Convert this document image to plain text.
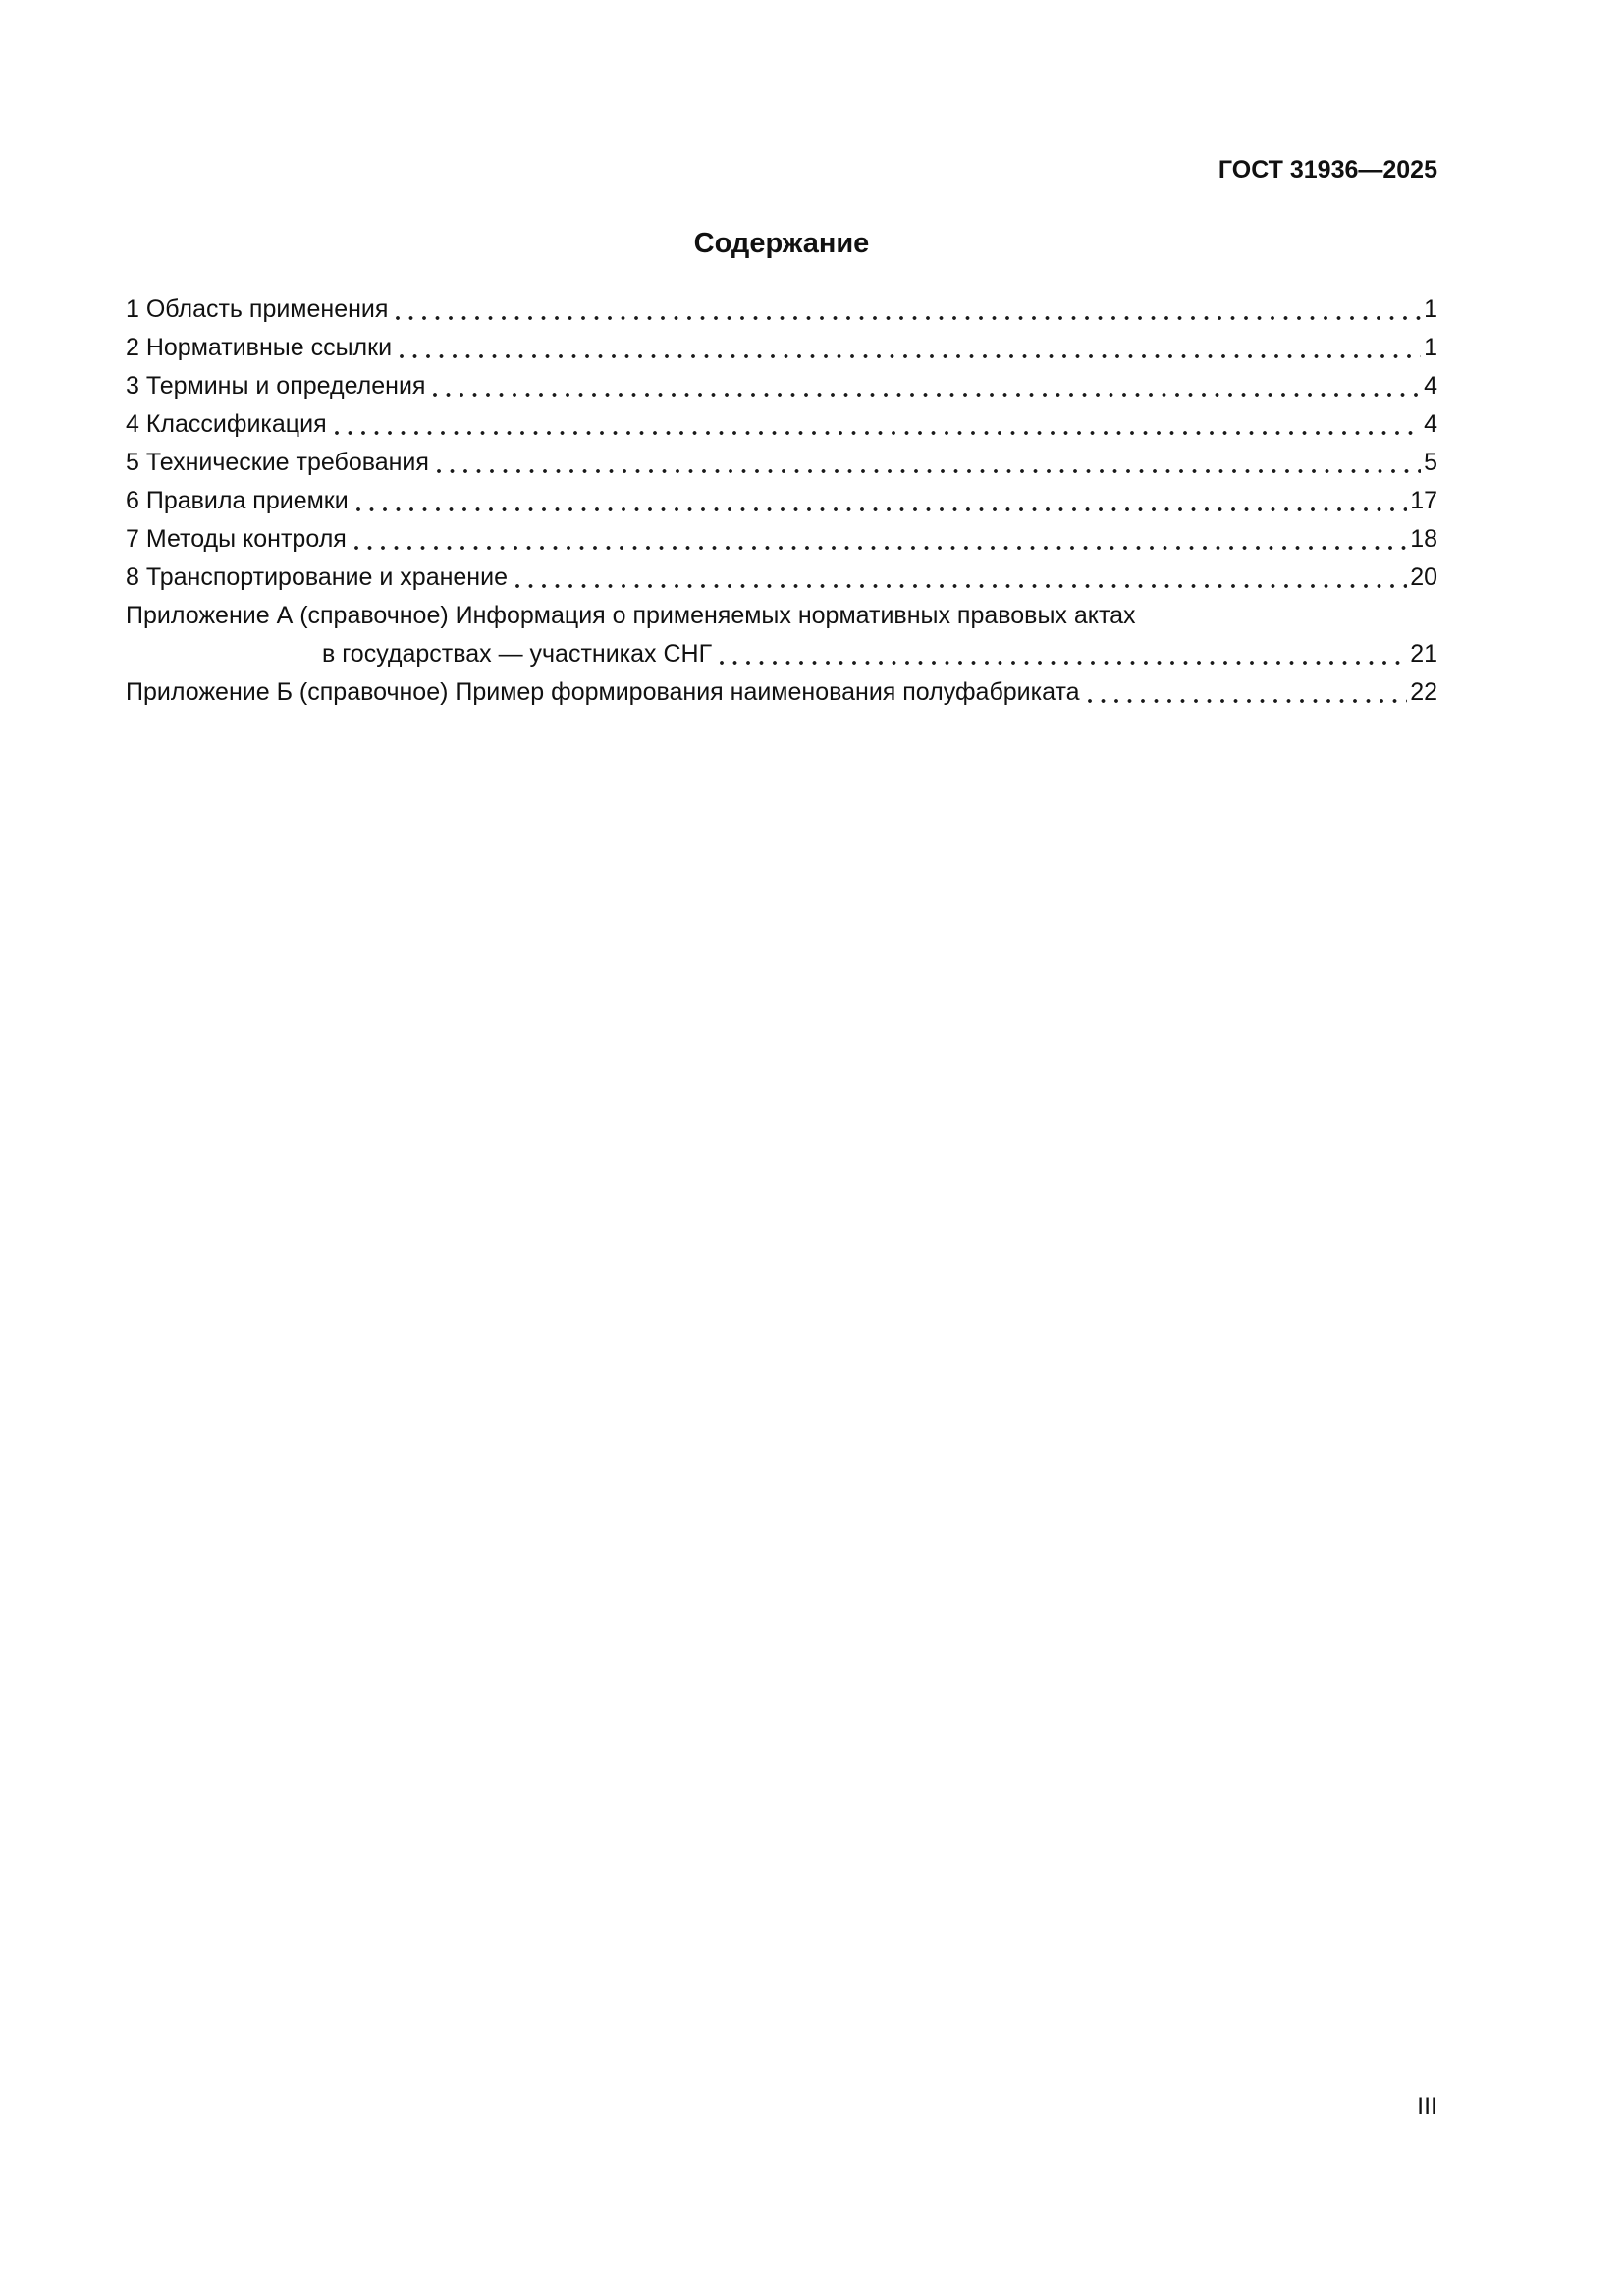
ГОСТ 31936—2025
Содержание
1 Область применения	1
2 Нормативные ссылки	1
3 Термины и определения	4
4 Классификация	4
5 Технические требования	5
6 Правила приемки	17
7 Методы контроля	18
8 Транспортирование и хранение	20
Приложение А (справочное) Информация о применяемых нормативных правовых актах
в государствах — участниках СНГ	21
Приложение Б (справочное) Пример формирования наименования полуфабриката	22
III
